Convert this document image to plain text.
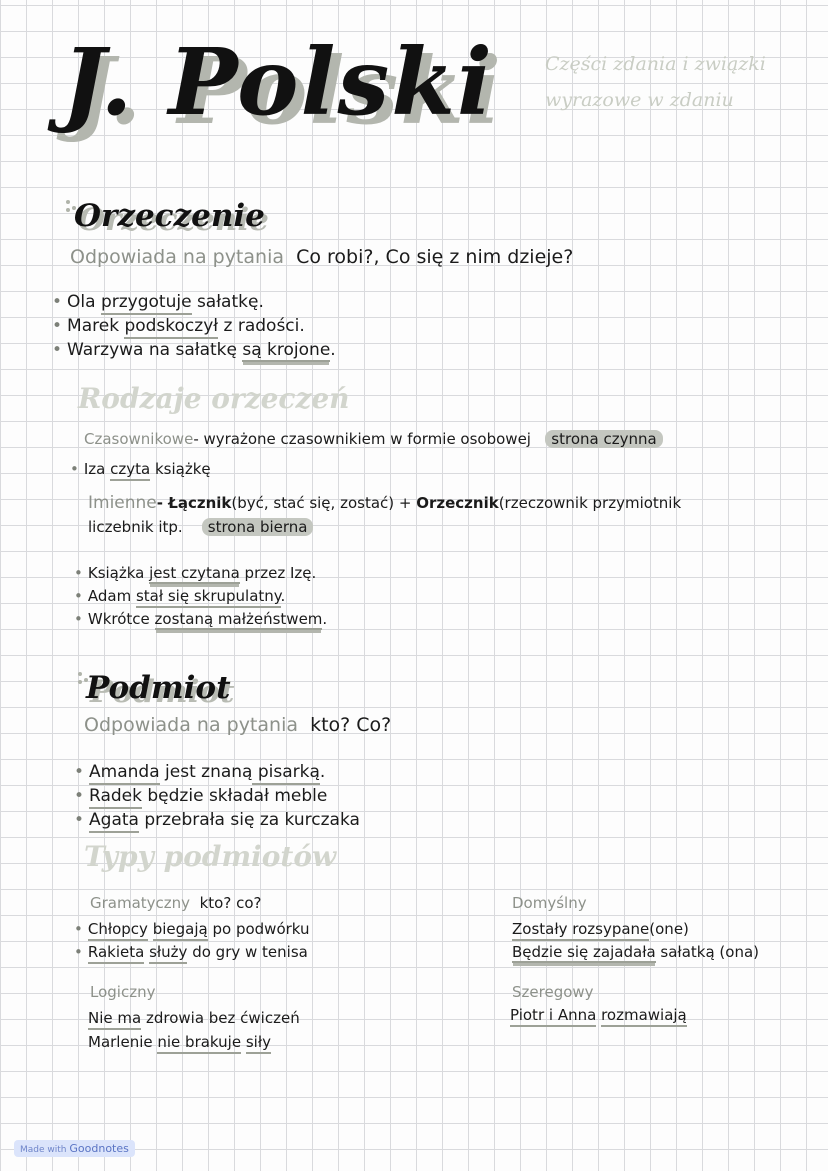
J. Polski	Części zdania i związki wyrazowe w zdaniu
Orzeczenie
Odpowiada na pytania Co robi?, Co się z nim dzieje?
• Ola przygotuje sałatkę.
• Marek podskoczył z radości.
• Warzywa na sałatkę są krojone.
Rodzaje orzeczeń
Czasownikowe- wyrażone czasownikiem w formie osobowej strona czynna
• Iza czyta książkę
Imienne- Łącznik(być, stać się, zostać) + Orzecznik(rzeczownik przymiotnik
liczebnik itp. strona bierna
• Książka jest czytana przez Izę.
• Adam stał się skrupulatny.
• Wkrótce zostaną małżeństwem.
Podmiot
Odpowiada na pytania kto? Co?
• Amanda jest znaną pisarką.
• Radek będzie składał meble
• Agata przebrała się za kurczaka
Typy podmiotów
Gramatyczny kto? co?
• Chłopcy biegają po podwórku
• Rakieta służy do gry w tenisa
Domyślny
Zostały rozsypane(one)
Będzie się zajadała sałatką (ona)
Logiczny
Nie ma zdrowia bez ćwiczeń
Marlenie nie brakuje siły
Szeregowy
Piotr i Anna rozmawiają
Made with Goodnotes
